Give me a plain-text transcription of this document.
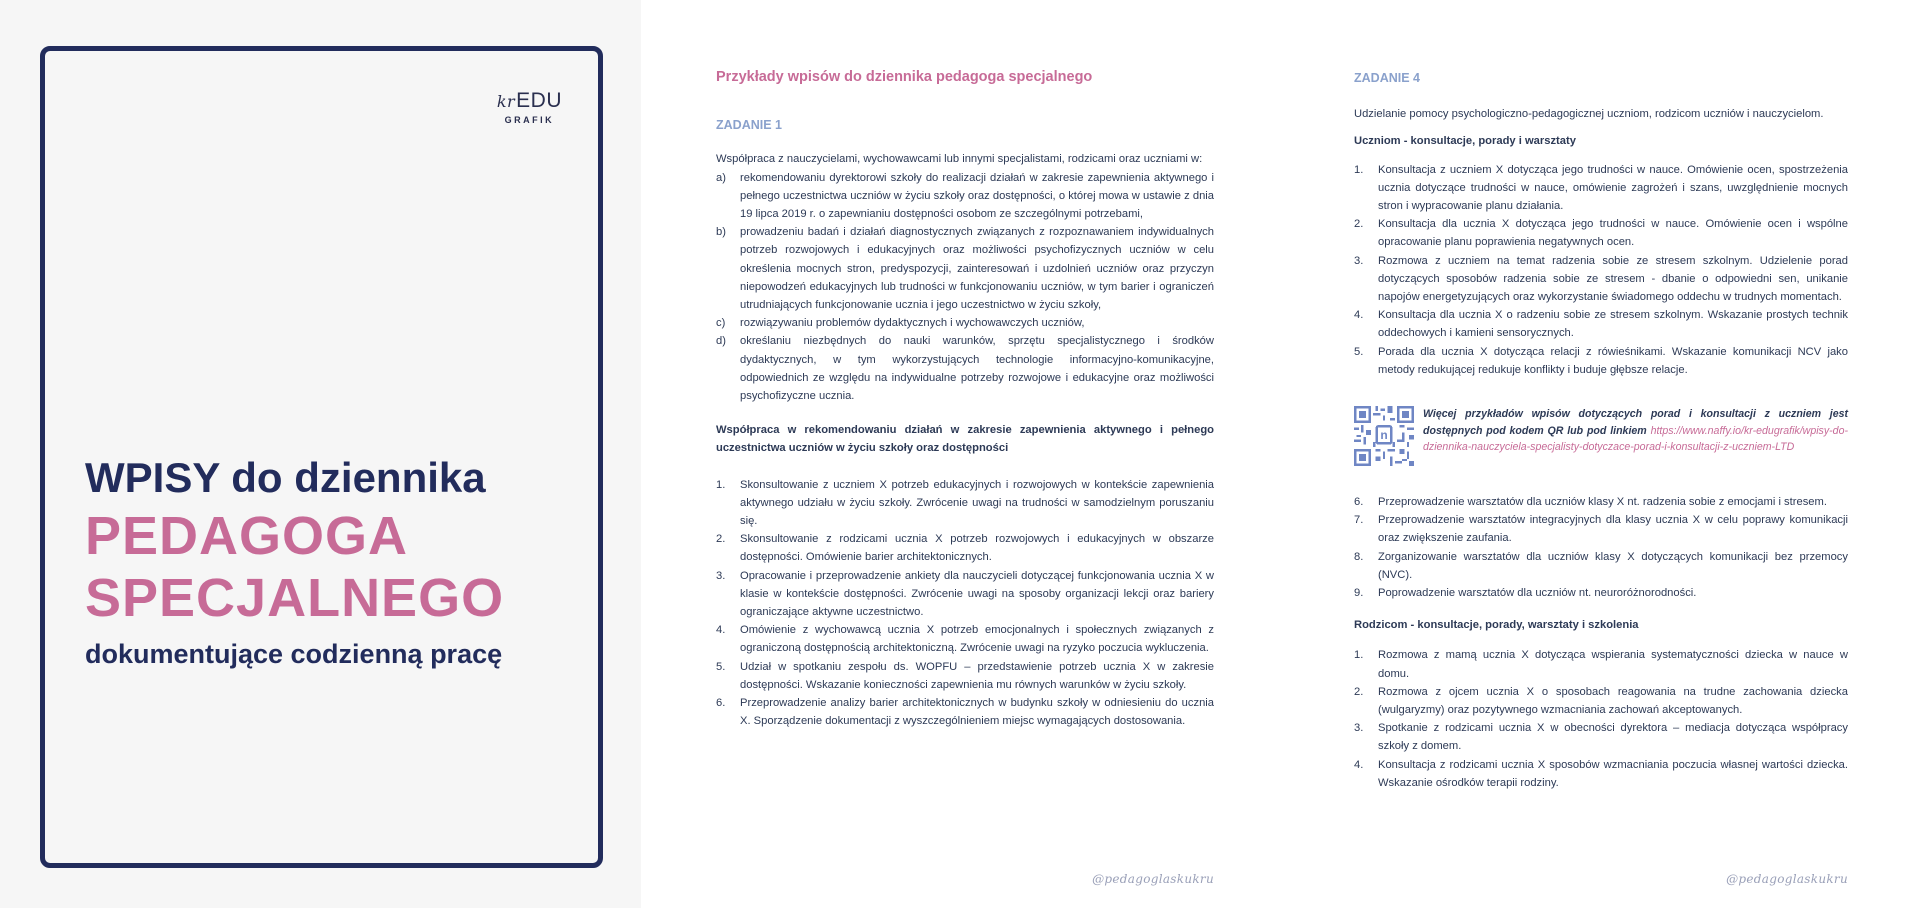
krEDU
GRAFIK
WPISY do dziennika
PEDAGOGA
SPECJALNEGO
dokumentujące codzienną pracę
Przykłady wpisów do dziennika pedagoga specjalnego
ZADANIE 1
Współpraca z nauczycielami, wychowawcami lub innymi specjalistami, rodzicami oraz uczniami w:
a) rekomendowaniu dyrektorowi szkoły do realizacji działań w zakresie zapewnienia aktywnego i pełnego uczestnictwa uczniów w życiu szkoły oraz dostępności, o której mowa w ustawie z dnia 19 lipca 2019 r. o zapewnianiu dostępności osobom ze szczególnymi potrzebami,
b) prowadzeniu badań i działań diagnostycznych związanych z rozpoznawaniem indywidualnych potrzeb rozwojowych i edukacyjnych oraz możliwości psychofizycznych uczniów w celu określenia mocnych stron, predyspozycji, zainteresowań i uzdolnień uczniów oraz przyczyn niepowodzeń edukacyjnych lub trudności w funkcjonowaniu uczniów, w tym barier i ograniczeń utrudniających funkcjonowanie ucznia i jego uczestnictwo w życiu szkoły,
c) rozwiązywaniu problemów dydaktycznych i wychowawczych uczniów,
d) określaniu niezbędnych do nauki warunków, sprzętu specjalistycznego i środków dydaktycznych, w tym wykorzystujących technologie informacyjno-komunikacyjne, odpowiednich ze względu na indywidualne potrzeby rozwojowe i edukacyjne oraz możliwości psychofizyczne ucznia.
Współpraca w rekomendowaniu działań w zakresie zapewnienia aktywnego i pełnego uczestnictwa uczniów w życiu szkoły oraz dostępności
1. Skonsultowanie z uczniem X potrzeb edukacyjnych i rozwojowych w kontekście zapewnienia aktywnego udziału w życiu szkoły. Zwrócenie uwagi na trudności w samodzielnym poruszaniu się.
2. Skonsultowanie z rodzicami ucznia X potrzeb rozwojowych i edukacyjnych w obszarze dostępności. Omówienie barier architektonicznych.
3. Opracowanie i przeprowadzenie ankiety dla nauczycieli dotyczącej funkcjonowania ucznia X w klasie w kontekście dostępności. Zwrócenie uwagi na sposoby organizacji lekcji oraz bariery ograniczające aktywne uczestnictwo.
4. Omówienie z wychowawcą ucznia X potrzeb emocjonalnych i społecznych związanych z ograniczoną dostępnością architektoniczną. Zwrócenie uwagi na ryzyko poczucia wykluczenia.
5. Udział w spotkaniu zespołu ds. WOPFU – przedstawienie potrzeb ucznia X w zakresie dostępności. Wskazanie konieczności zapewnienia mu równych warunków w życiu szkoły.
6. Przeprowadzenie analizy barier architektonicznych w budynku szkoły w odniesieniu do ucznia X. Sporządzenie dokumentacji z wyszczególnieniem miejsc wymagających dostosowania.
@pedagoglaskukru
ZADANIE 4
Udzielanie pomocy psychologiczno-pedagogicznej uczniom, rodzicom uczniów i nauczycielom.
Uczniom - konsultacje, porady i warsztaty
1. Konsultacja z uczniem X dotycząca jego trudności w nauce. Omówienie ocen, spostrzeżenia ucznia dotyczące trudności w nauce, omówienie zagrożeń i szans, uwzględnienie mocnych stron i wypracowanie planu działania.
2. Konsultacja dla ucznia X dotycząca jego trudności w nauce. Omówienie ocen i wspólne opracowanie planu poprawienia negatywnych ocen.
3. Rozmowa z uczniem na temat radzenia sobie ze stresem szkolnym. Udzielenie porad dotyczących sposobów radzenia sobie ze stresem - dbanie o odpowiedni sen, unikanie napojów energetyzujących oraz wykorzystanie świadomego oddechu w trudnych momentach.
4. Konsultacja dla ucznia X o radzeniu sobie ze stresem szkolnym. Wskazanie prostych technik oddechowych i kamieni sensorycznych.
5. Porada dla ucznia X dotycząca relacji z rówieśnikami. Wskazanie komunikacji NCV jako metody redukującej redukuje konflikty i buduje głębsze relacje.
n
Więcej przykładów wpisów dotyczących porad i konsultacji z uczniem jest dostępnych pod kodem QR lub pod linkiem https://www.naffy.io/kr-edugrafik/wpisy-do-dziennika-nauczyciela-specjalisty-dotyczace-porad-i-konsultacji-z-uczniem-LTD
6. Przeprowadzenie warsztatów dla uczniów klasy X nt. radzenia sobie z emocjami i stresem.
7. Przeprowadzenie warsztatów integracyjnych dla klasy ucznia X w celu poprawy komunikacji oraz zwiększenie zaufania.
8. Zorganizowanie warsztatów dla uczniów klasy X dotyczących komunikacji bez przemocy (NVC).
9. Poprowadzenie warsztatów dla uczniów nt. neuroróżnorodności.
Rodzicom - konsultacje, porady, warsztaty i szkolenia
1. Rozmowa z mamą ucznia X dotycząca wspierania systematyczności dziecka w nauce w domu.
2. Rozmowa z ojcem ucznia X o sposobach reagowania na trudne zachowania dziecka (wulgaryzmy) oraz pozytywnego wzmacniania zachowań akceptowanych.
3. Spotkanie z rodzicami ucznia X w obecności dyrektora – mediacja dotycząca współpracy szkoły z domem.
4. Konsultacja z rodzicami ucznia X sposobów wzmacniania poczucia własnej wartości dziecka. Wskazanie ośrodków terapii rodziny.
@pedagoglaskukru
